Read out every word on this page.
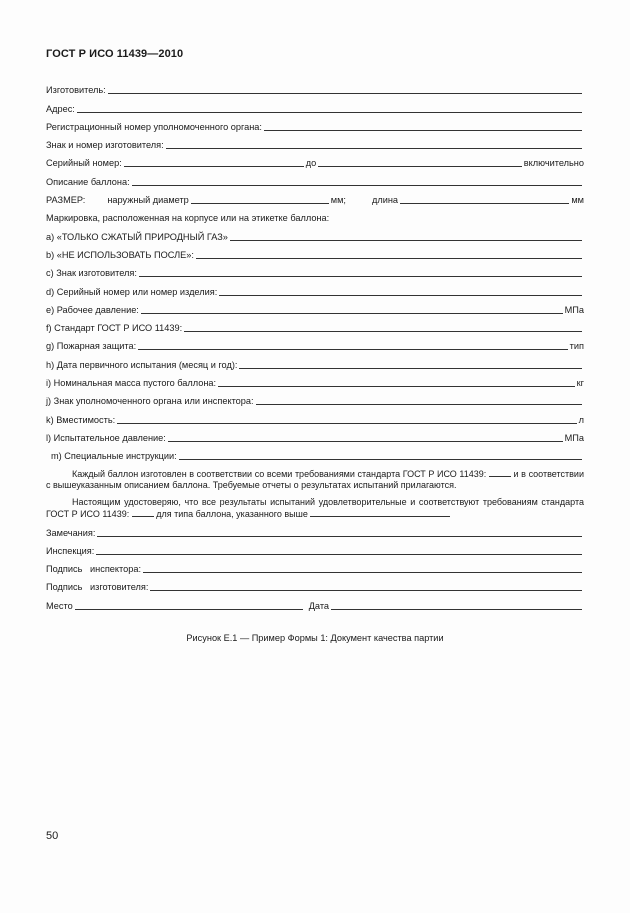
ГОСТ Р ИСО 11439—2010
Изготовитель:
Адрес:
Регистрационный номер уполномоченного органа:
Знак и номер изготовителя:
Серийный номер:	до	включительно
Описание баллона:
РАЗМЕР: наружный диаметр	мм;	длина	мм
Маркировка, расположенная на корпусе или на этикетке баллона:
а) «ТОЛЬКО СЖАТЫЙ ПРИРОДНЫЙ ГАЗ»
b) «НЕ ИСПОЛЬЗОВАТЬ ПОСЛЕ»:
с) Знак изготовителя:
d) Серийный номер или номер изделия:
е) Рабочее давление:	МПа
f) Стандарт ГОСТ Р ИСО 11439:
g) Пожарная защита:	тип
h) Дата первичного испытания (месяц и год):
i) Номинальная масса пустого баллона:	кг
j) Знак уполномоченного органа или инспектора:
k) Вместимость:	л
l) Испытательное давление:	МПа
m) Специальные инструкции:

Каждый баллон изготовлен в соответствии со всеми требованиями стандарта ГОСТ Р ИСО 11439:	и в соответствии с вышеуказанным описанием баллона. Требуемые отчеты о результатах испытаний прилагаются.

Настоящим удостоверяю, что все результаты испытаний удовлетворительные и соответствуют требованиям стандарта ГОСТ Р ИСО 11439:	для типа баллона, указанного выше

Замечания:
Инспекция:
Подпись   инспектора:
Подпись   изготовителя:
Место	Дата
Рисунок Е.1 — Пример Формы 1: Документ качества партии
50
